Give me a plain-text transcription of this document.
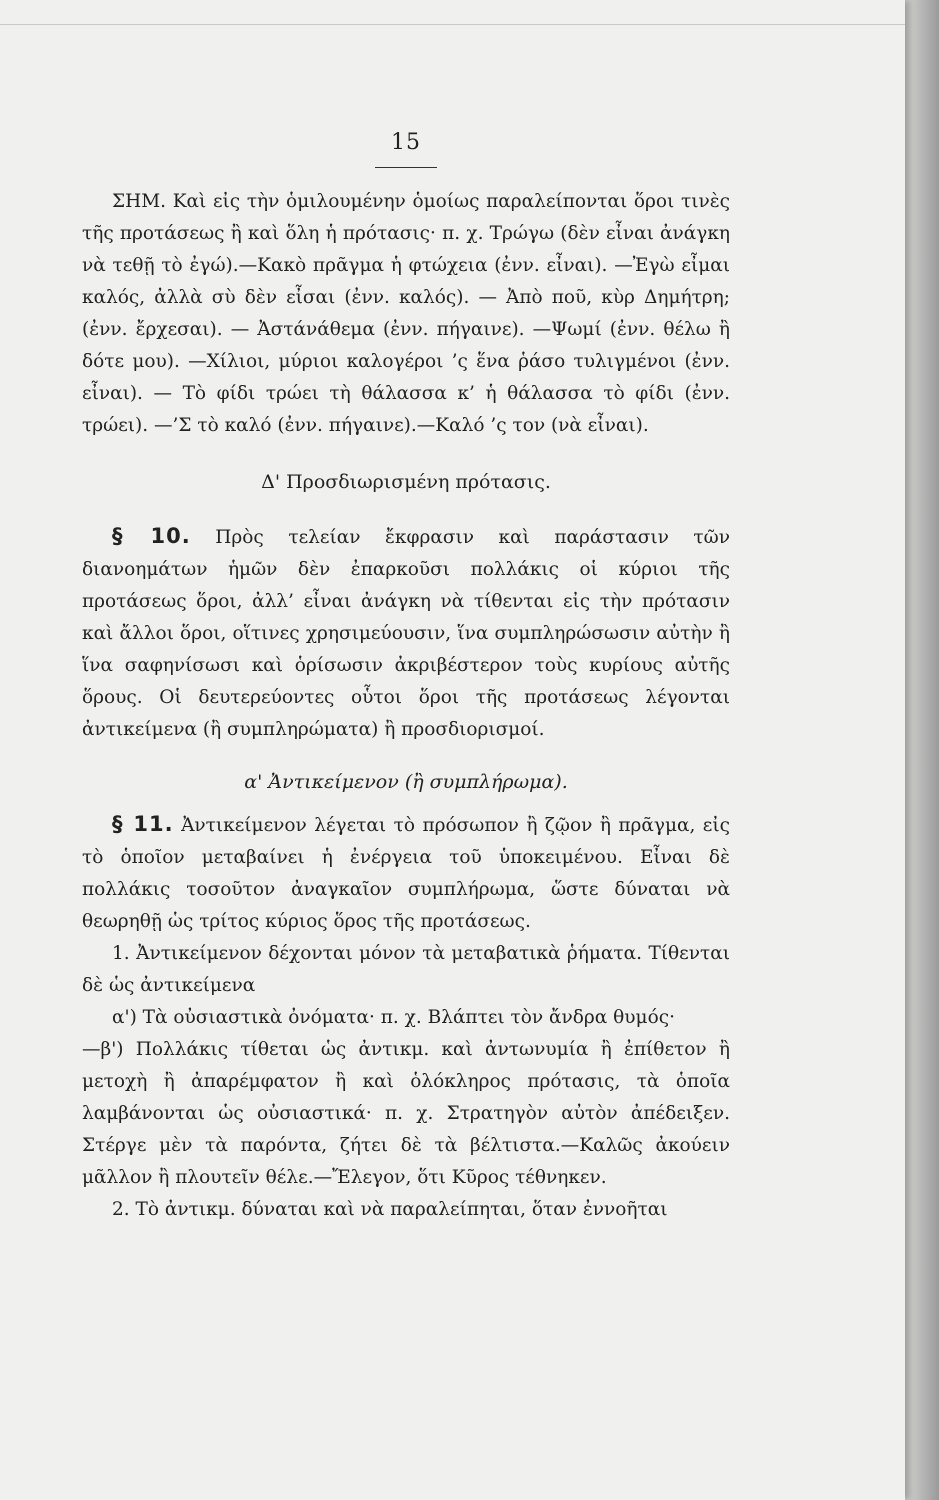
15

ΣΗΜ. Καὶ εἰς τὴν ὁμιλουμένην ὁμοίως παραλείπονται ὅροι τινὲς τῆς προτάσεως ἢ καὶ ὅλη ἡ πρότασις· π. χ. Τρώγω (δὲν εἶναι ἀνάγκη νὰ τεθῇ τὸ ἐγώ).—Κακὸ πρᾶγμα ἡ φτώχεια (ἐνν. εἶναι). —Ἐγὼ εἶμαι καλός, ἀλλὰ σὺ δὲν εἶσαι (ἐνν. καλός). — Ἀπὸ ποῦ, κὺρ Δημήτρη; (ἐνν. ἔρχεσαι). — Ἀστάνάθεμα (ἐνν. πήγαινε). —Ψωμί (ἐνν. θέλω ἢ δότε μου). —Χίλιοι, μύριοι καλογέροι ’ς ἕνα ῥάσο τυλιγμένοι (ἐνν. εἶναι). — Τὸ φίδι τρώει τὴ θάλασσα κ’ ἡ θάλασσα τὸ φίδι (ἐνν. τρώει). —’Σ τὸ καλό (ἐνν. πήγαινε).—Καλό ’ς τον (νὰ εἶναι).

Δ' Προσδιωρισμένη πρότασις.

§ 10. Πρὸς τελείαν ἔκφρασιν καὶ παράστασιν τῶν διανοημάτων ἡμῶν δὲν ἐπαρκοῦσι πολλάκις οἱ κύριοι τῆς προτάσεως ὅροι, ἀλλ’ εἶναι ἀνάγκη νὰ τίθενται εἰς τὴν πρότασιν καὶ ἄλλοι ὅροι, οἵτινες χρησιμεύουσιν, ἵνα συμπληρώσωσιν αὐτὴν ἢ ἵνα σαφηνίσωσι καὶ ὁρίσωσιν ἀκριβέστερον τοὺς κυρίους αὐτῆς ὅρους. Οἱ δευτερεύοντες οὗτοι ὅροι τῆς προτάσεως λέγονται ἀντικείμενα (ἢ συμπληρώματα) ἢ προσδιορισμοί.

α' Ἀντικείμενον (ἢ συμπλήρωμα).

§ 11. Ἀντικείμενον λέγεται τὸ πρόσωπον ἢ ζῷον ἢ πρᾶγμα, εἰς τὸ ὁποῖον μεταβαίνει ἡ ἐνέργεια τοῦ ὑποκειμένου. Εἶναι δὲ πολλάκις τοσοῦτον ἀναγκαῖον συμπλήρωμα, ὥστε δύναται νὰ θεωρηθῇ ὡς τρίτος κύριος ὅρος τῆς προτάσεως.

1. Ἀντικείμενον δέχονται μόνον τὰ μεταβατικὰ ῥήματα. Τίθενται δὲ ὡς ἀντικείμενα

α') Τὰ οὐσιαστικὰ ὀνόματα· π. χ. Βλάπτει τὸν ἄνδρα θυμός·

—β') Πολλάκις τίθεται ὡς ἀντικμ. καὶ ἀντωνυμία ἢ ἐπίθετον ἢ μετοχὴ ἢ ἀπαρέμφατον ἢ καὶ ὁλόκληρος πρότασις, τὰ ὁποῖα λαμβάνονται ὡς οὐσιαστικά· π. χ. Στρατηγὸν αὐτὸν ἀπέδειξεν. Στέργε μὲν τὰ παρόντα, ζήτει δὲ τὰ βέλτιστα.—Καλῶς ἀκούειν μᾶλλον ἢ πλουτεῖν θέλε.—Ἔλεγον, ὅτι Κῦρος τέθνηκεν.

2. Τὸ ἀντικμ. δύναται καὶ νὰ παραλείπηται, ὅταν ἐννοῆται
